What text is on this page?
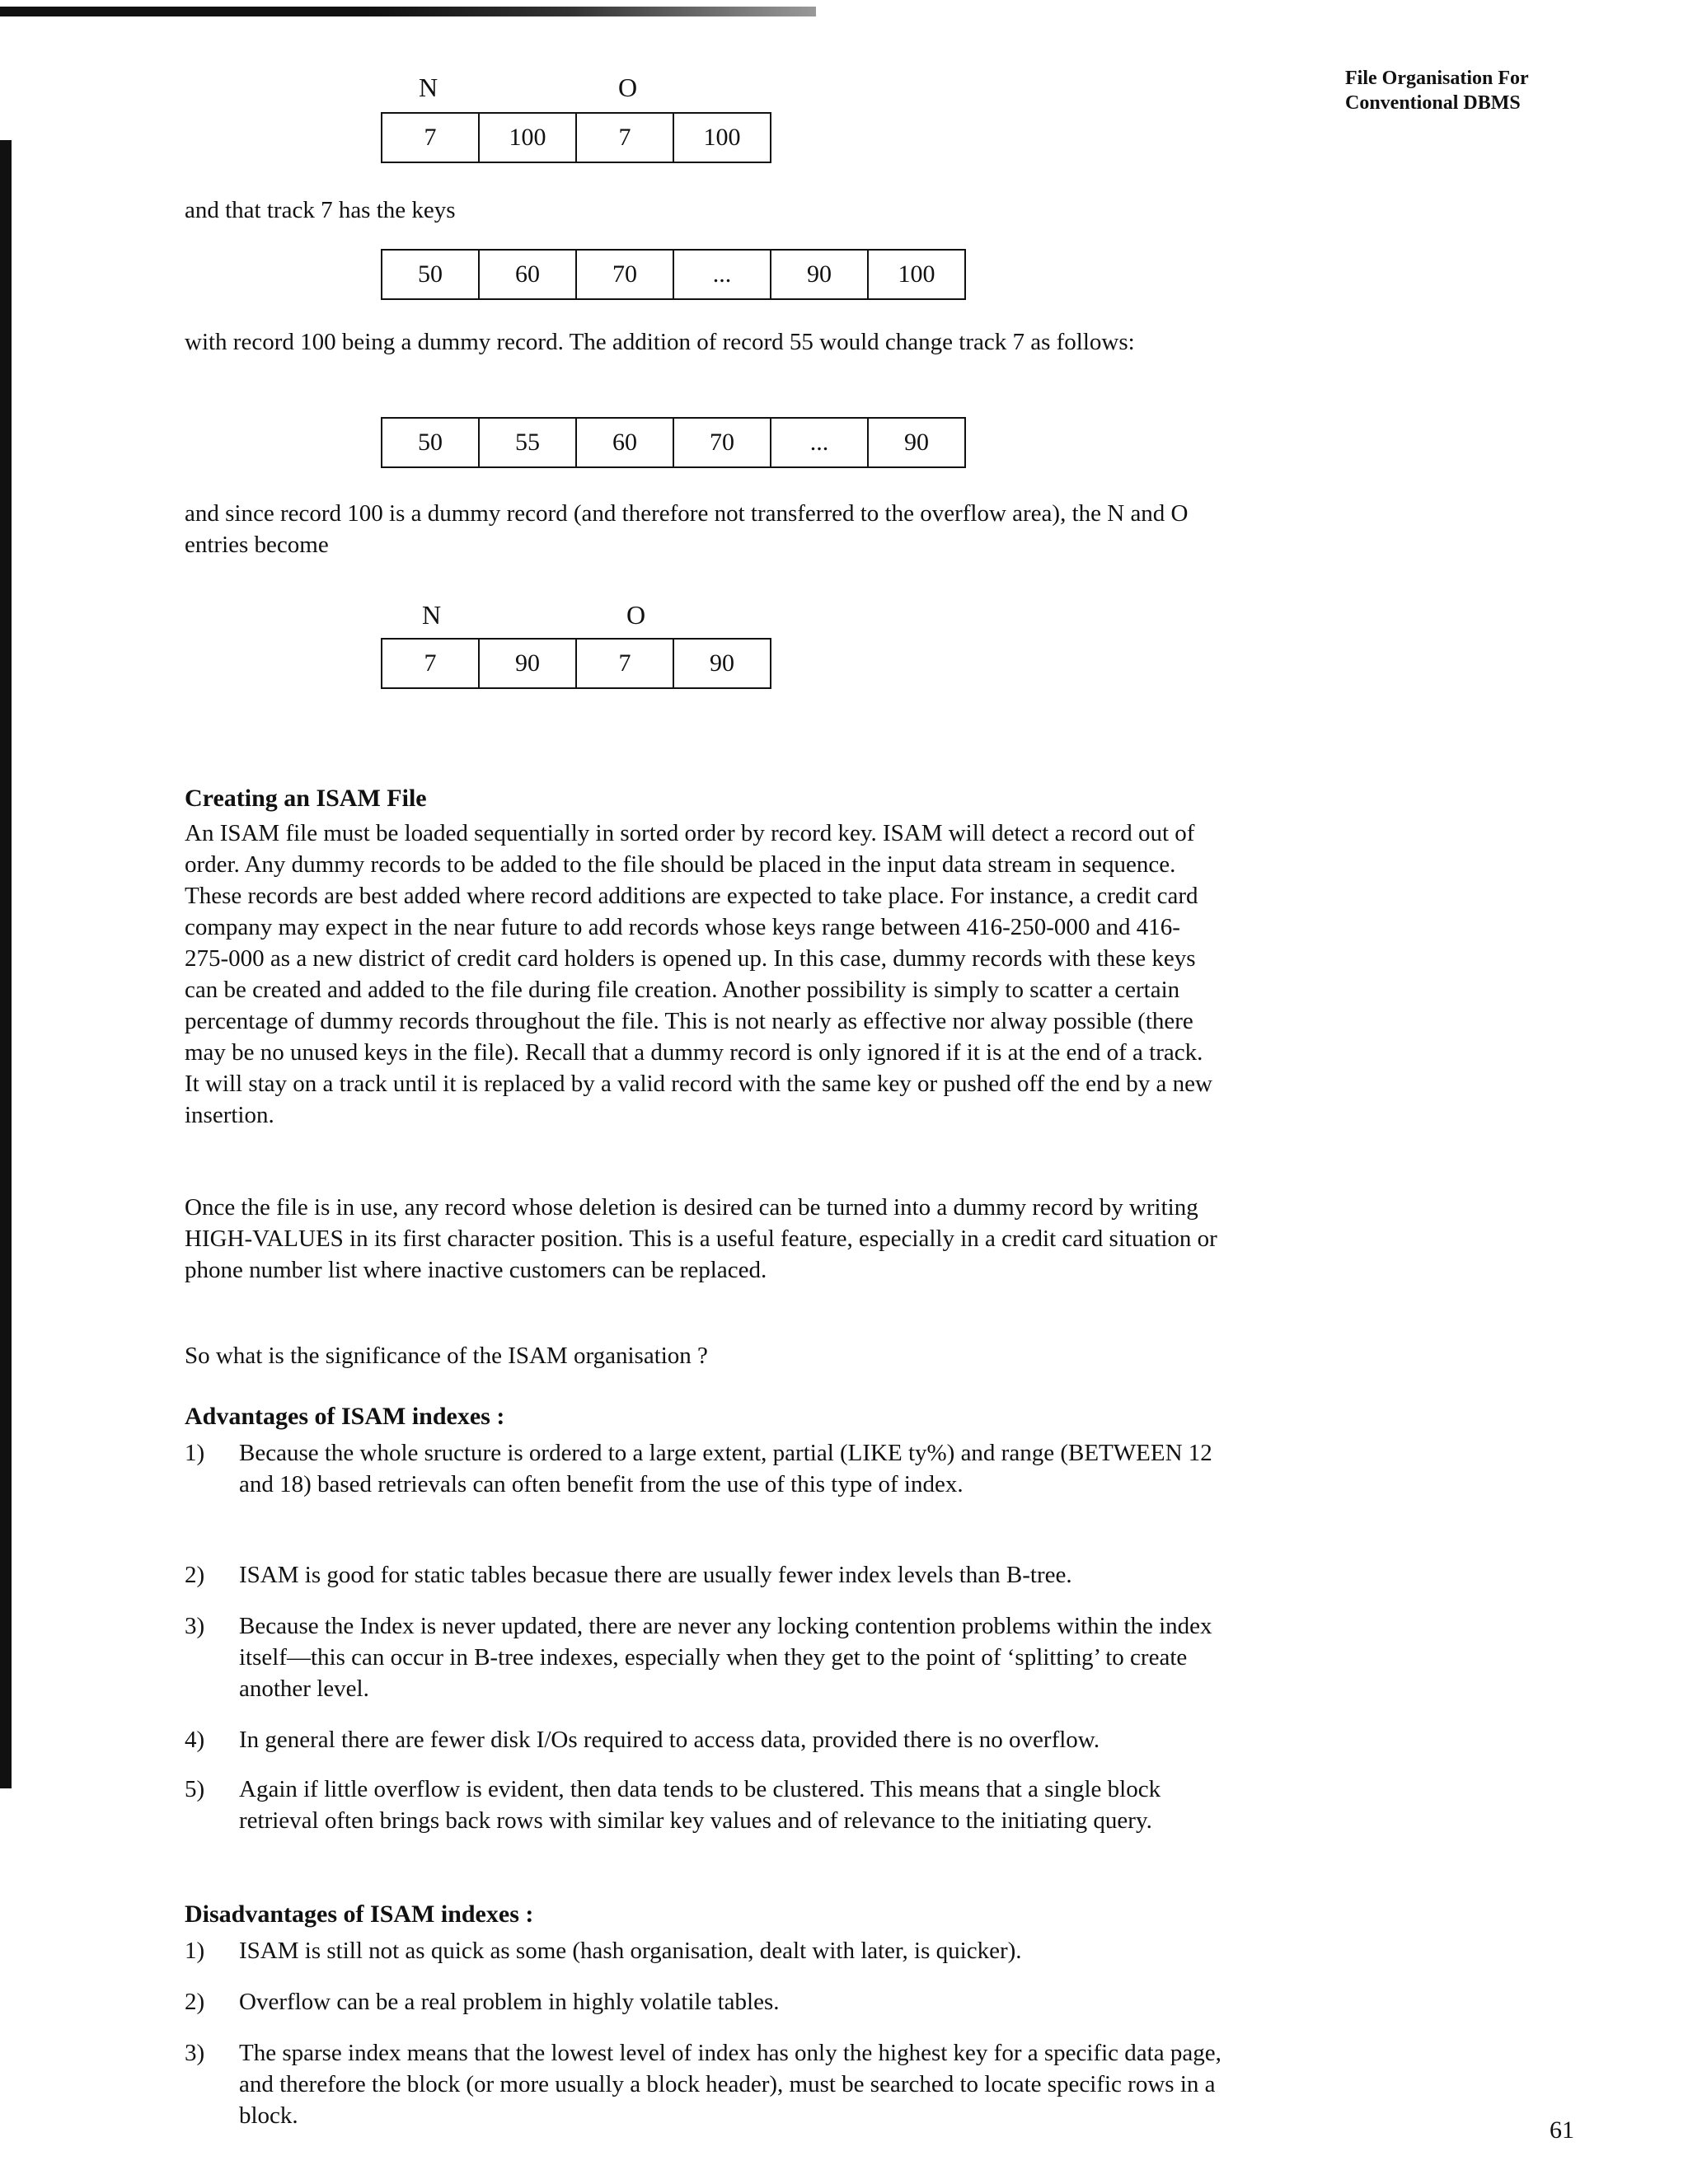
File Organisation For
Conventional DBMS
N	O
7	100	7	100
and that track 7 has the keys
50	60	70	...	90	100
with record 100 being a dummy record. The addition of record 55 would change track 7 as follows:
50	55	60	70	...	90
and since record 100 is a dummy record (and therefore not transferred to the overflow area), the N and O entries become
N	O
7	90	7	90
Creating an ISAM File
An ISAM file must be loaded sequentially in sorted order by record key. ISAM will detect a record out of order. Any dummy records to be added to the file should be placed in the input data stream in sequence. These records are best added where record additions are expected to take place. For instance, a credit card company may expect in the near future to add records whose keys range between 416-250-000 and 416-275-000 as a new district of credit card holders is opened up. In this case, dummy records with these keys can be created and added to the file during file creation. Another possibility is simply to scatter a certain percentage of dummy records throughout the file. This is not nearly as effective nor alway possible (there may be no unused keys in the file). Recall that a dummy record is only ignored if it is at the end of a track. It will stay on a track until it is replaced by a valid record with the same key or pushed off the end by a new insertion.
Once the file is in use, any record whose deletion is desired can be turned into a dummy record by writing HIGH-VALUES in its first character position. This is a useful feature, especially in a credit card situation or phone number list where inactive customers can be replaced.
So what is the significance of the ISAM organisation ?
Advantages of ISAM indexes :
1) Because the whole sructure is ordered to a large extent, partial (LIKE ty%) and range (BETWEEN 12 and 18) based retrievals can often benefit from the use of this type of index.
2) ISAM is good for static tables becasue there are usually fewer index levels than B-tree.
3) Because the Index is never updated, there are never any locking contention problems within the index itself—this can occur in B-tree indexes, especially when they get to the point of ‘splitting’ to create another level.
4) In general there are fewer disk I/Os required to access data, provided there is no overflow.
5) Again if little overflow is evident, then data tends to be clustered. This means that a single block retrieval often brings back rows with similar key values and of relevance to the initiating query.
Disadvantages of ISAM indexes :
1) ISAM is still not as quick as some (hash organisation, dealt with later, is quicker).
2) Overflow can be a real problem in highly volatile tables.
3) The sparse index means that the lowest level of index has only the highest key for a specific data page, and therefore the block (or more usually a block header), must be searched to locate specific rows in a block.
61
